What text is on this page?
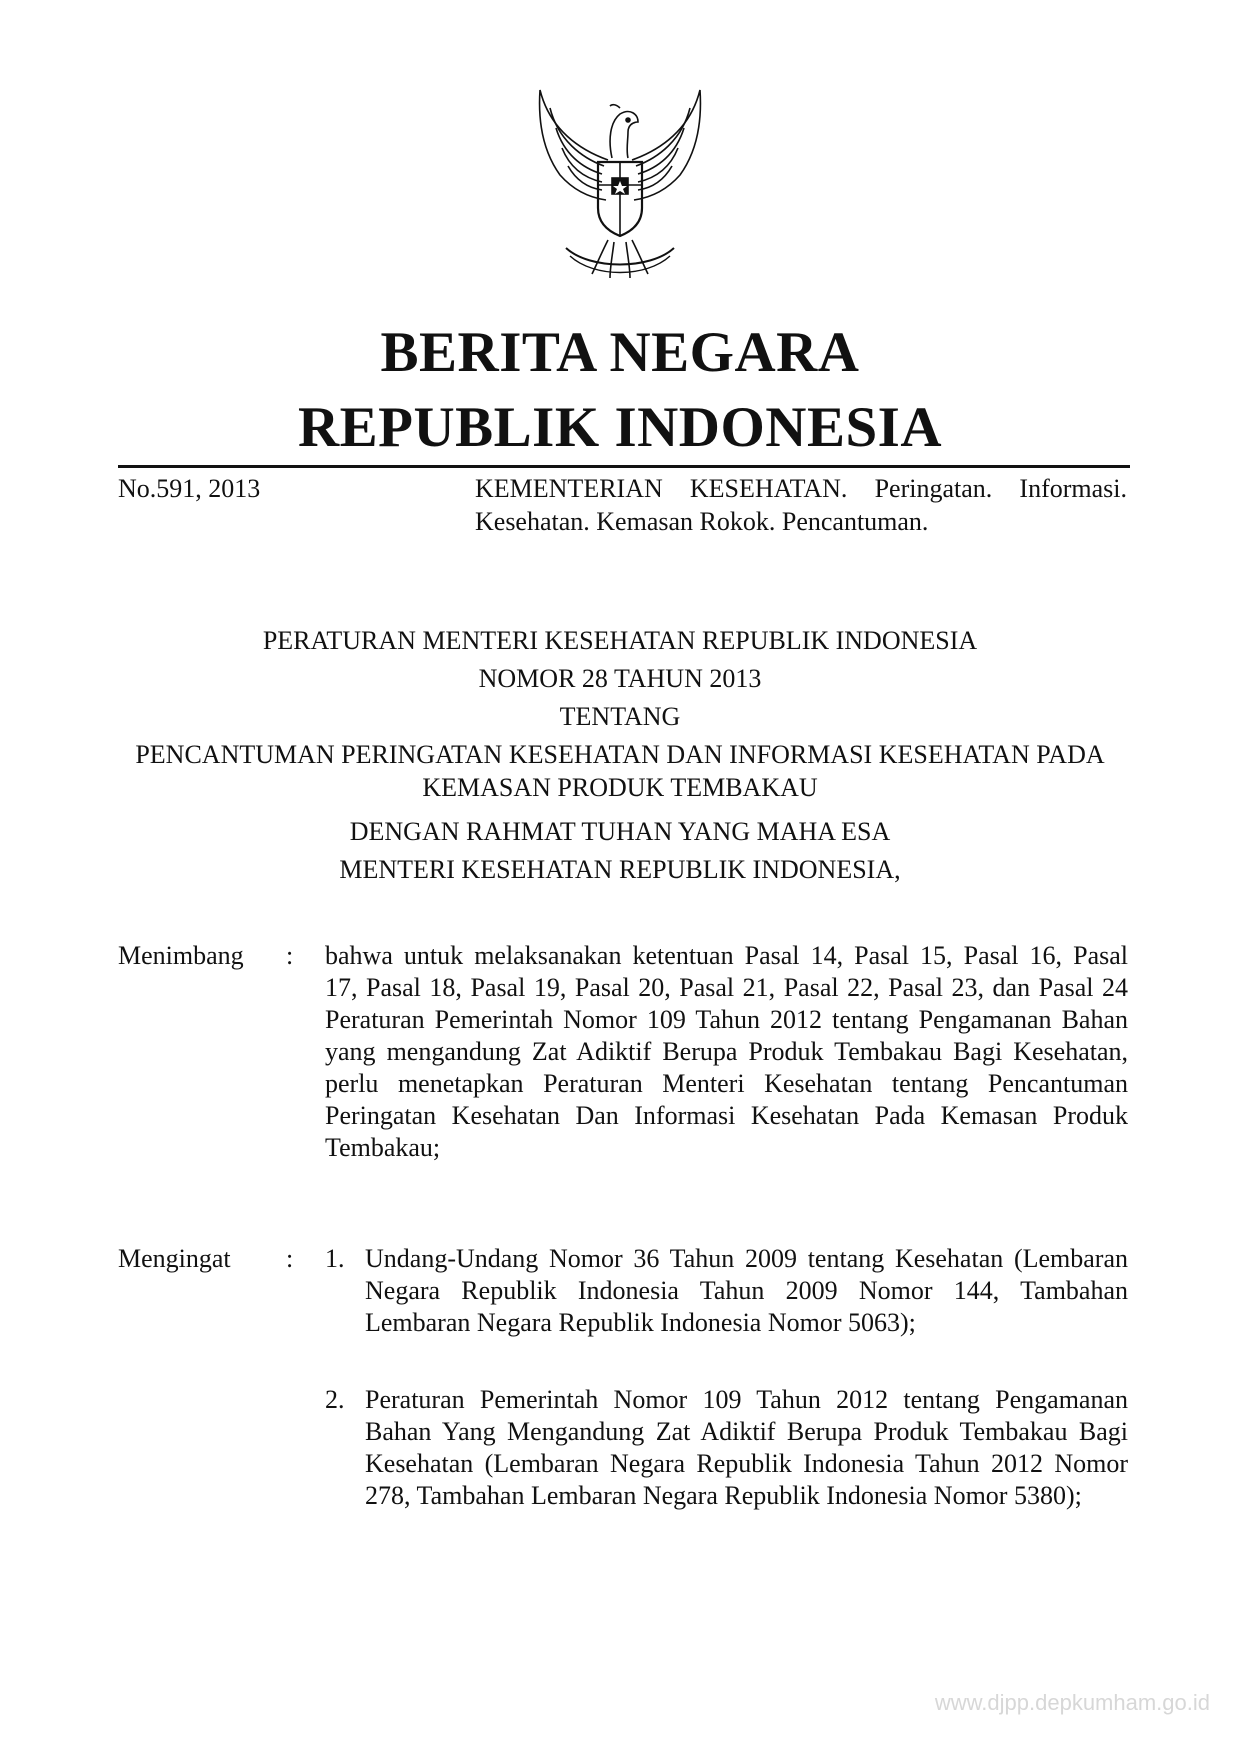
BERITA NEGARA
REPUBLIK INDONESIA
No.591, 2013	KEMENTERIAN KESEHATAN. Peringatan. Informasi. Kesehatan. Kemasan Rokok. Pencantuman.
PERATURAN MENTERI KESEHATAN REPUBLIK INDONESIA
NOMOR 28 TAHUN 2013
TENTANG
PENCANTUMAN PERINGATAN KESEHATAN DAN INFORMASI KESEHATAN PADA KEMASAN PRODUK TEMBAKAU
DENGAN RAHMAT TUHAN YANG MAHA ESA
MENTERI KESEHATAN REPUBLIK INDONESIA,
Menimbang : bahwa untuk melaksanakan ketentuan Pasal 14, Pasal 15, Pasal 16, Pasal 17, Pasal 18, Pasal 19, Pasal 20, Pasal 21, Pasal 22, Pasal 23, dan Pasal 24 Peraturan Pemerintah Nomor 109 Tahun 2012 tentang Pengamanan Bahan yang mengandung Zat Adiktif Berupa Produk Tembakau Bagi Kesehatan, perlu menetapkan Peraturan Menteri Kesehatan tentang Pencantuman Peringatan Kesehatan Dan Informasi Kesehatan Pada Kemasan Produk Tembakau;

Mengingat : 1. Undang-Undang Nomor 36 Tahun 2009 tentang Kesehatan (Lembaran Negara Republik Indonesia Tahun 2009 Nomor 144, Tambahan Lembaran Negara Republik Indonesia Nomor 5063);

2. Peraturan Pemerintah Nomor 109 Tahun 2012 tentang Pengamanan Bahan Yang Mengandung Zat Adiktif Berupa Produk Tembakau Bagi Kesehatan (Lembaran Negara Republik Indonesia Tahun 2012 Nomor 278, Tambahan Lembaran Negara Republik Indonesia Nomor 5380);

www.djpp.depkumham.go.id
